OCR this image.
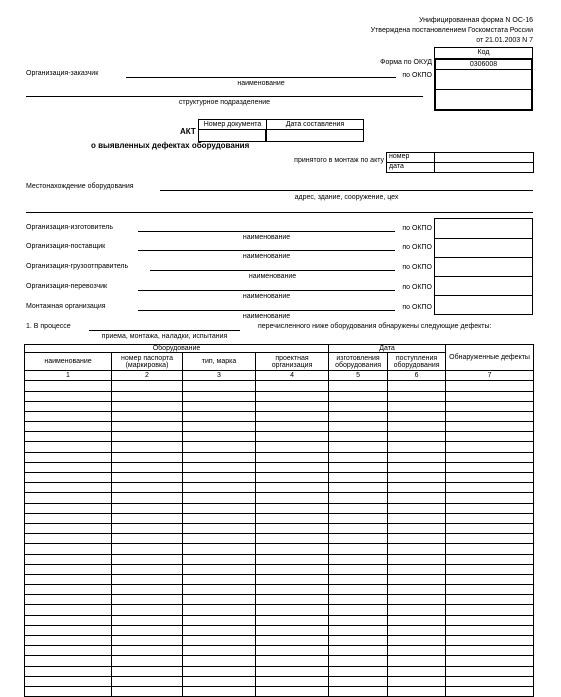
Унифицированная форма N ОС-16
Утверждена постановлением Госкомстата России
от 21.01.2003 N 7
Код
0306008
Форма по ОКУД
Организация-заказчик	по ОКПО
наименование
структурное подразделение
АКТ
Номер документа	Дата составления
о выявленных дефектах оборудования
принятого в монтаж по акту
номер
дата
Местонахождение оборудования
адрес, здание, сооружение, цех
Организация-изготовитель	по ОКПО
наименование
Организация-поставщик	по ОКПО
наименование
Организация-грузоотправитель	по ОКПО
наименование
Организация-перевозчик	по ОКПО
наименование
Монтажная организация	по ОКПО
наименование
1. В процессе	перечисленного ниже оборудования обнаружены следующие дефекты:
приема, монтажа, наладки, испытания
Оборудование				Дата		Обнаруженные дефекты
наименование	номер паспорта (маркировка)	тип, марка	проектная организация	изготовления оборудования	поступления оборудования	
1	2	3	4	5	6	7
